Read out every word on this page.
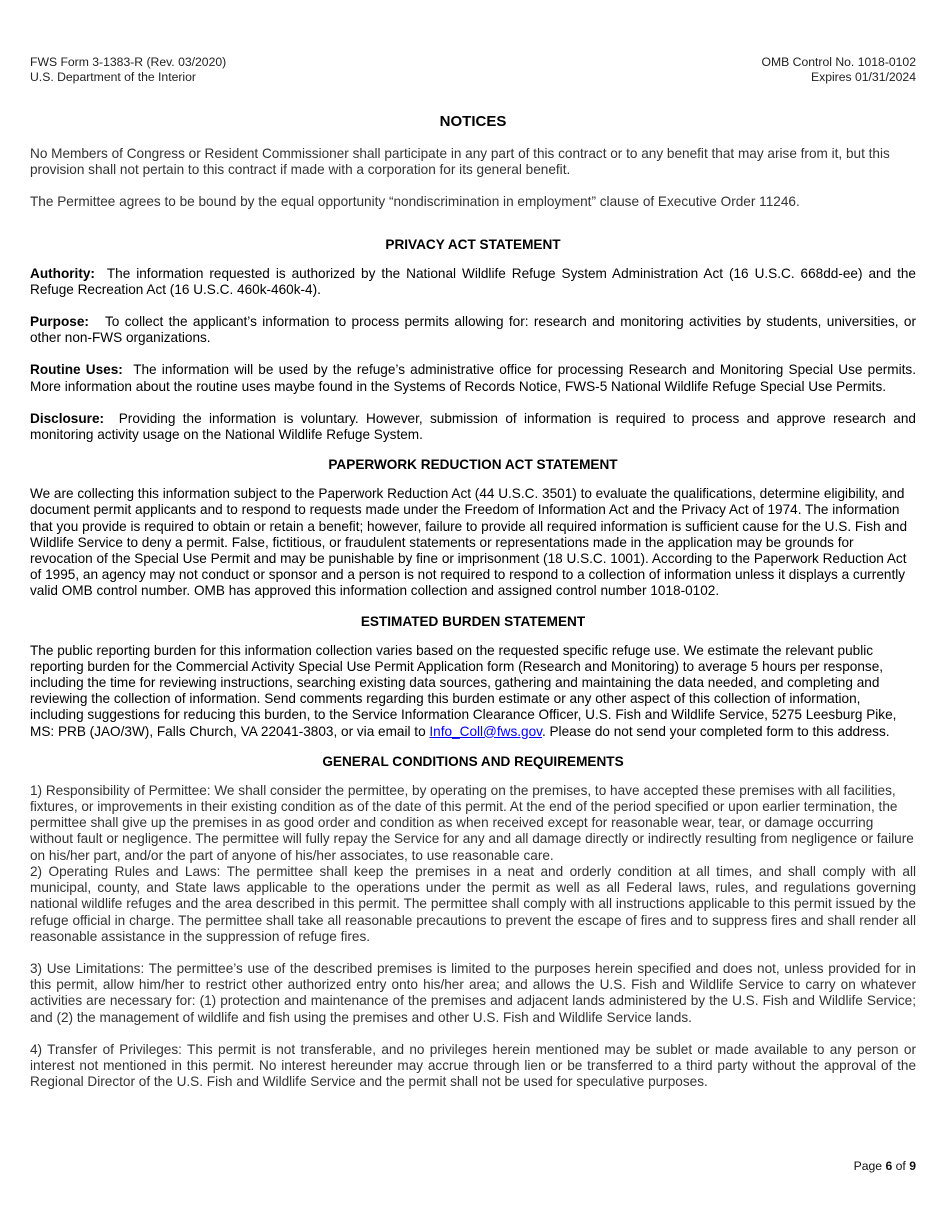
FWS Form 3-1383-R (Rev. 03/2020)
U.S. Department of the Interior
OMB Control No. 1018-0102
Expires 01/31/2024
NOTICES

No Members of Congress or Resident Commissioner shall participate in any part of this contract or to any benefit that may arise from it, but this provision shall not pertain to this contract if made with a corporation for its general benefit.

The Permittee agrees to be bound by the equal opportunity “nondiscrimination in employment” clause of Executive Order 11246.

PRIVACY ACT STATEMENT

Authority: The information requested is authorized by the National Wildlife Refuge System Administration Act (16 U.S.C. 668dd-ee) and the Refuge Recreation Act (16 U.S.C. 460k-460k-4).

Purpose: To collect the applicant’s information to process permits allowing for: research and monitoring activities by students, universities, or other non-FWS organizations.

Routine Uses: The information will be used by the refuge’s administrative office for processing Research and Monitoring Special Use permits. More information about the routine uses maybe found in the Systems of Records Notice, FWS-5 National Wildlife Refuge Special Use Permits.

Disclosure: Providing the information is voluntary. However, submission of information is required to process and approve research and monitoring activity usage on the National Wildlife Refuge System.

PAPERWORK REDUCTION ACT STATEMENT

We are collecting this information subject to the Paperwork Reduction Act (44 U.S.C. 3501) to evaluate the qualifications, determine eligibility, and document permit applicants and to respond to requests made under the Freedom of Information Act and the Privacy Act of 1974. The information that you provide is required to obtain or retain a benefit; however, failure to provide all required information is sufficient cause for the U.S. Fish and Wildlife Service to deny a permit. False, fictitious, or fraudulent statements or representations made in the application may be grounds for revocation of the Special Use Permit and may be punishable by fine or imprisonment (18 U.S.C. 1001). According to the Paperwork Reduction Act of 1995, an agency may not conduct or sponsor and a person is not required to respond to a collection of information unless it displays a currently valid OMB control number. OMB has approved this information collection and assigned control number 1018-0102.

ESTIMATED BURDEN STATEMENT

The public reporting burden for this information collection varies based on the requested specific refuge use. We estimate the relevant public reporting burden for the Commercial Activity Special Use Permit Application form (Research and Monitoring) to average 5 hours per response, including the time for reviewing instructions, searching existing data sources, gathering and maintaining the data needed, and completing and reviewing the collection of information. Send comments regarding this burden estimate or any other aspect of this collection of information, including suggestions for reducing this burden, to the Service Information Clearance Officer, U.S. Fish and Wildlife Service, 5275 Leesburg Pike, MS: PRB (JAO/3W), Falls Church, VA 22041-3803, or via email to Info_Coll@fws.gov. Please do not send your completed form to this address.

GENERAL CONDITIONS AND REQUIREMENTS

1) Responsibility of Permittee: We shall consider the permittee, by operating on the premises, to have accepted these premises with all facilities, fixtures, or improvements in their existing condition as of the date of this permit. At the end of the period specified or upon earlier termination, the permittee shall give up the premises in as good order and condition as when received except for reasonable wear, tear, or damage occurring without fault or negligence. The permittee will fully repay the Service for any and all damage directly or indirectly resulting from negligence or failure on his/her part, and/or the part of anyone of his/her associates, to use reasonable care.

2) Operating Rules and Laws: The permittee shall keep the premises in a neat and orderly condition at all times, and shall comply with all municipal, county, and State laws applicable to the operations under the permit as well as all Federal laws, rules, and regulations governing national wildlife refuges and the area described in this permit. The permittee shall comply with all instructions applicable to this permit issued by the refuge official in charge. The permittee shall take all reasonable precautions to prevent the escape of fires and to suppress fires and shall render all reasonable assistance in the suppression of refuge fires.

3) Use Limitations: The permittee’s use of the described premises is limited to the purposes herein specified and does not, unless provided for in this permit, allow him/her to restrict other authorized entry onto his/her area; and allows the U.S. Fish and Wildlife Service to carry on whatever activities are necessary for: (1) protection and maintenance of the premises and adjacent lands administered by the U.S. Fish and Wildlife Service; and (2) the management of wildlife and fish using the premises and other U.S. Fish and Wildlife Service lands.

4) Transfer of Privileges: This permit is not transferable, and no privileges herein mentioned may be sublet or made available to any person or interest not mentioned in this permit. No interest hereunder may accrue through lien or be transferred to a third party without the approval of the Regional Director of the U.S. Fish and Wildlife Service and the permit shall not be used for speculative purposes.

Page 6 of 9
